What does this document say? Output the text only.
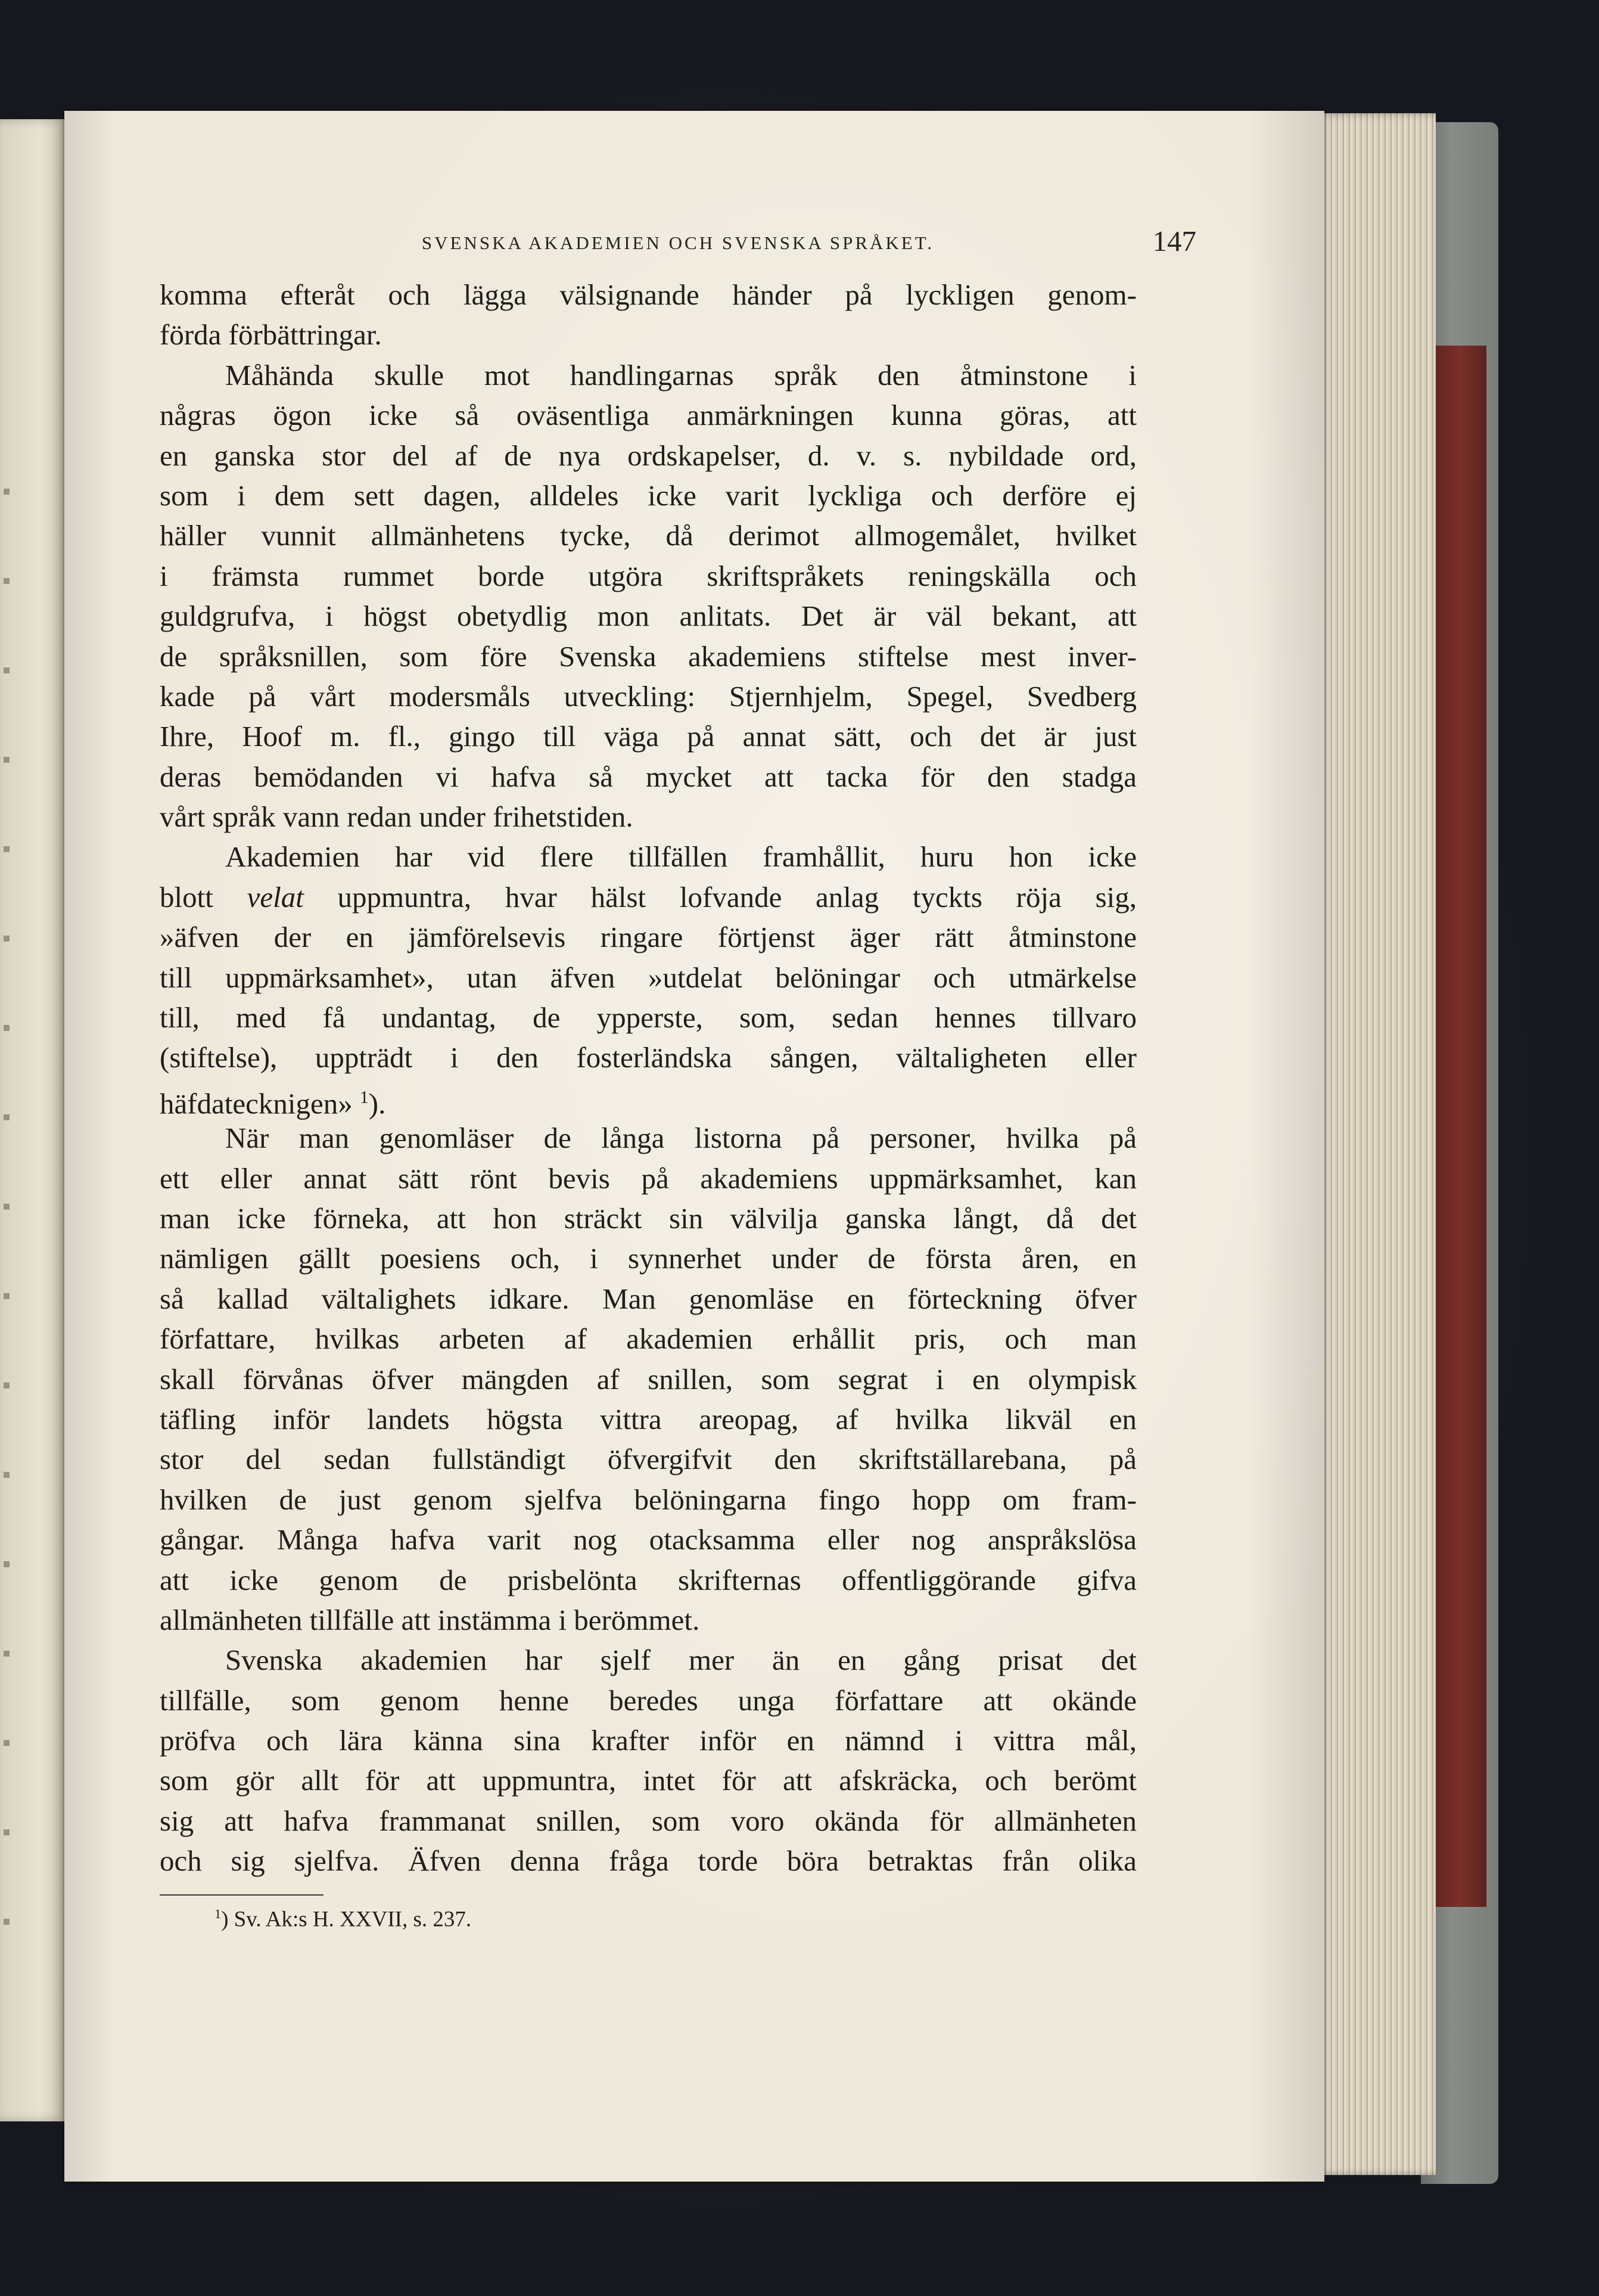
SVENSKA AKADEMIEN OCH SVENSKA SPRÅKET.	147
komma efteråt och lägga välsignande händer på lyckligen genom-
förda förbättringar.
Måhända skulle mot handlingarnas språk den åtminstone i
någras ögon icke så oväsentliga anmärkningen kunna göras, att
en ganska stor del af de nya ordskapelser, d. v. s. nybildade ord,
som i dem sett dagen, alldeles icke varit lyckliga och derföre ej
häller vunnit allmänhetens tycke, då derimot allmogemålet, hvilket
i främsta rummet borde utgöra skriftspråkets reningskälla och
guldgrufva, i högst obetydlig mon anlitats. Det är väl bekant, att
de språksnillen, som före Svenska akademiens stiftelse mest inver-
kade på vårt modersmåls utveckling: Stjernhjelm, Spegel, Svedberg
Ihre, Hoof m. fl., gingo till väga på annat sätt, och det är just
deras bemödanden vi hafva så mycket att tacka för den stadga
vårt språk vann redan under frihetstiden.
Akademien har vid flere tillfällen framhållit, huru hon icke
blott velat uppmuntra, hvar hälst lofvande anlag tyckts röja sig,
»äfven der en jämförelsevis ringare förtjenst äger rätt åtminstone
till uppmärksamhet», utan äfven »utdelat belöningar och utmärkelse
till, med få undantag, de ypperste, som, sedan hennes tillvaro
(stiftelse), uppträdt i den fosterländska sången, vältaligheten eller
häfdatecknigen» $^1$).
När man genomläser de långa listorna på personer, hvilka på
ett eller annat sätt rönt bevis på akademiens uppmärksamhet, kan
man icke förneka, att hon sträckt sin välvilja ganska långt, då det
nämligen gällt poesiens och, i synnerhet under de första åren, en
så kallad vältalighets idkare. Man genomläse en förteckning öfver
författare, hvilkas arbeten af akademien erhållit pris, och man
skall förvånas öfver mängden af snillen, som segrat i en olympisk
täfling inför landets högsta vittra areopag, af hvilka likväl en
stor del sedan fullständigt öfvergifvit den skriftställarebana, på
hvilken de just genom sjelfva belöningarna fingo hopp om fram-
gångar. Många hafva varit nog otacksamma eller nog anspråkslösa
att icke genom de prisbelönta skrifternas offentliggörande gifva
allmänheten tillfälle att instämma i berömmet.
Svenska akademien har sjelf mer än en gång prisat det
tillfälle, som genom henne beredes unga författare att okände
pröfva och lära känna sina krafter inför en nämnd i vittra mål,
som gör allt för att uppmuntra, intet för att afskräcka, och berömt
sig att hafva frammanat snillen, som voro okända för allmänheten
och sig sjelfva. Äfven denna fråga torde böra betraktas från olika
$^1$) Sv. Ak:s H. XXVII, s. 237.
